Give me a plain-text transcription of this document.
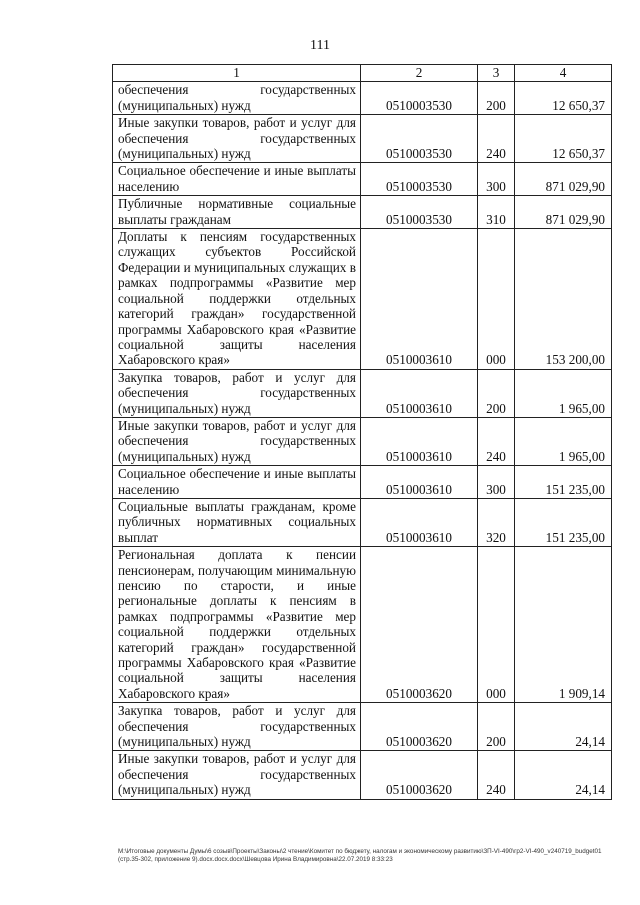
111
1	2	3	4
обеспечения государственных (муниципальных) нужд	0510003530	200	12 650,37
Иные закупки товаров, работ и услуг для обеспечения государственных (муниципальных) нужд	0510003530	240	12 650,37
Социальное обеспечение и иные выплаты населению	0510003530	300	871 029,90
Публичные нормативные социальные выплаты гражданам	0510003530	310	871 029,90
Доплаты к пенсиям государственных служащих субъектов Российской Федерации и муниципальных служащих в рамках подпрограммы «Развитие мер социальной поддержки отдельных категорий граждан» государственной программы Хабаровского края «Развитие социальной защиты населения Хабаровского края»	0510003610	000	153 200,00
Закупка товаров, работ и услуг для обеспечения государственных (муниципальных) нужд	0510003610	200	1 965,00
Иные закупки товаров, работ и услуг для обеспечения государственных (муниципальных) нужд	0510003610	240	1 965,00
Социальное обеспечение и иные выплаты населению	0510003610	300	151 235,00
Социальные выплаты гражданам, кроме публичных нормативных социальных выплат	0510003610	320	151 235,00
Региональная доплата к пенсии пенсионерам, получающим минимальную пенсию по старости, и иные региональные доплаты к пенсиям в рамках подпрограммы «Развитие мер социальной поддержки отдельных категорий граждан» государственной программы Хабаровского края «Развитие социальной защиты населения Хабаровского края»	0510003620	000	1 909,14
Закупка товаров, работ и услуг для обеспечения государственных (муниципальных) нужд	0510003620	200	24,14
Иные закупки товаров, работ и услуг для обеспечения государственных (муниципальных) нужд	0510003620	240	24,14
M:\Итоговые документы Думы\6 созыв\Проекты\Законы\2 чтение\Комитет по бюджету, налогам и экономическому развитию\ЗП-VI-490\гр2-VI-490_v240719_budget01 (стр.35-302, приложение 9).docx.docx.docx\Шевцова Ирина Владимировна\22.07.2019 8:33:23
